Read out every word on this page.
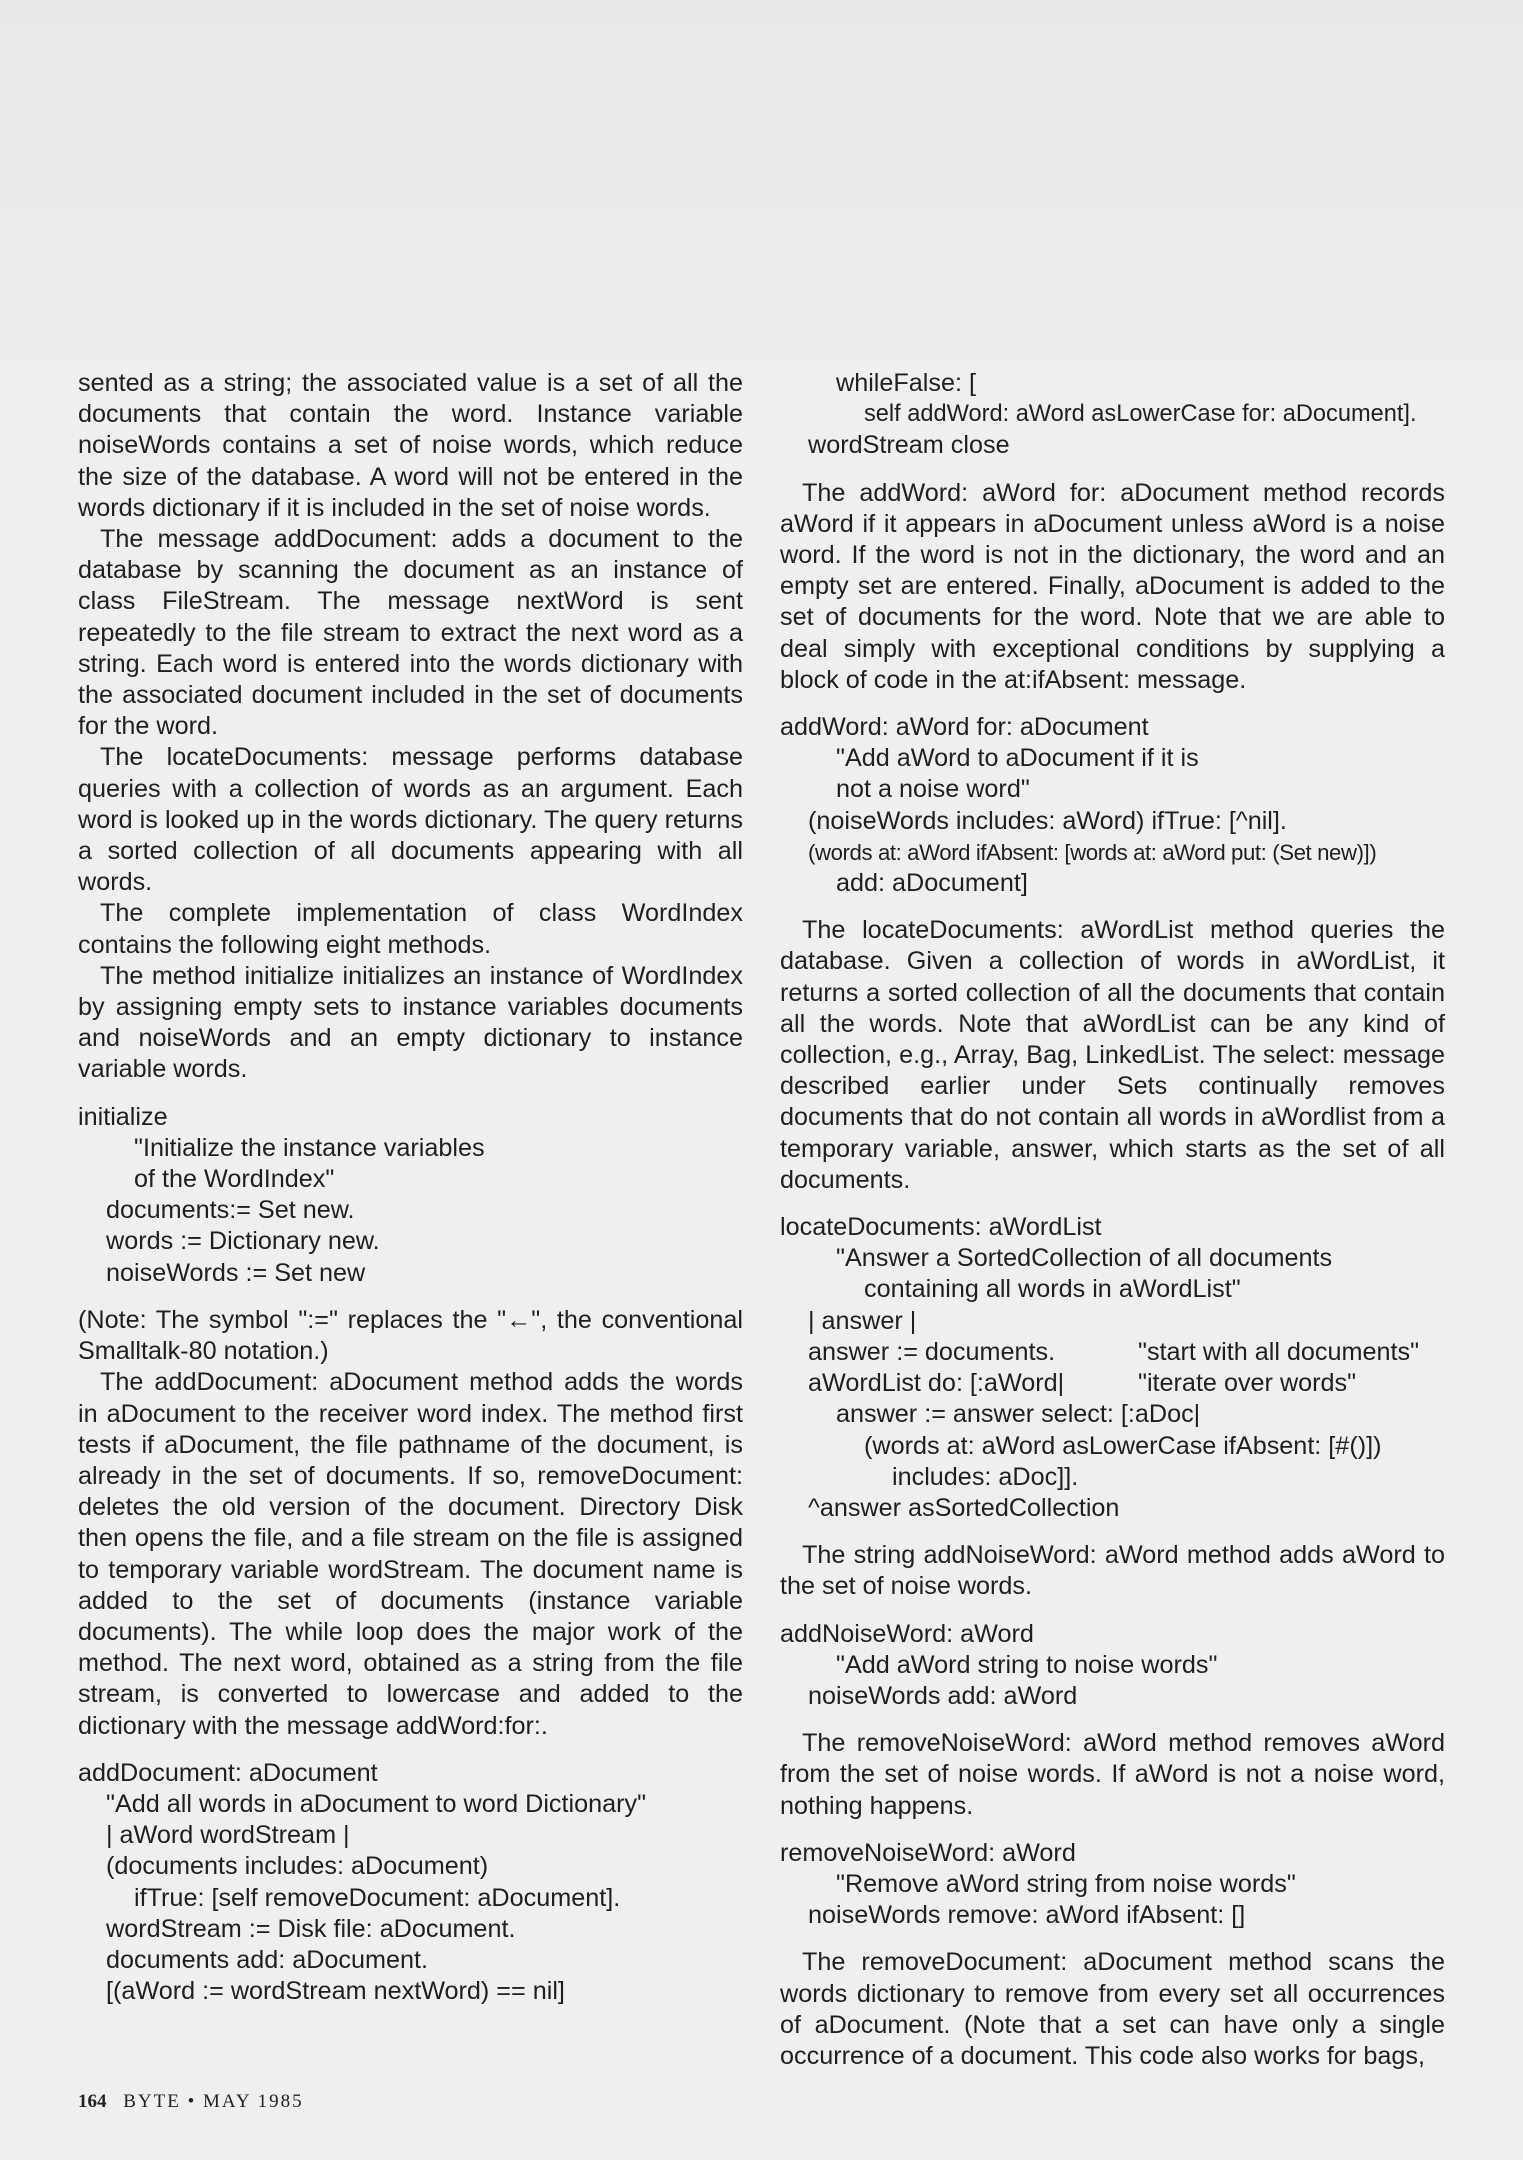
sented as a string; the associated value is a set of all the documents that contain the word. Instance variable noiseWords contains a set of noise words, which reduce the size of the database. A word will not be entered in the words dictionary if it is included in the set of noise words.

The message addDocument: adds a document to the database by scanning the document as an instance of class FileStream. The message nextWord is sent repeatedly to the file stream to extract the next word as a string. Each word is entered into the words dictionary with the associated document included in the set of documents for the word.

The locateDocuments: message performs database queries with a collection of words as an argument. Each word is looked up in the words dictionary. The query returns a sorted collection of all documents appearing with all words.

The complete implementation of class WordIndex contains the following eight methods.

The method initialize initializes an instance of WordIndex by assigning empty sets to instance variables documents and noiseWords and an empty dictionary to instance variable words.

initialize
"Initialize the instance variables
of the WordIndex"
documents:= Set new.
words := Dictionary new.
noiseWords := Set new

(Note: The symbol ":=" replaces the "←", the conventional Smalltalk-80 notation.)

The addDocument: aDocument method adds the words in aDocument to the receiver word index. The method first tests if aDocument, the file pathname of the document, is already in the set of documents. If so, removeDocument: deletes the old version of the document. Directory Disk then opens the file, and a file stream on the file is assigned to temporary variable wordStream. The document name is added to the set of documents (instance variable documents). The while loop does the major work of the method. The next word, obtained as a string from the file stream, is converted to lowercase and added to the dictionary with the message addWord:for:.

addDocument: aDocument
"Add all words in aDocument to word Dictionary"
| aWord wordStream |
(documents includes: aDocument)
ifTrue: [self removeDocument: aDocument].
wordStream := Disk file: aDocument.
documents add: aDocument.
[(aWord := wordStream nextWord) == nil]
whileFalse: [
self addWord: aWord asLowerCase for: aDocument].
wordStream close

The addWord: aWord for: aDocument method records aWord if it appears in aDocument unless aWord is a noise word. If the word is not in the dictionary, the word and an empty set are entered. Finally, aDocument is added to the set of documents for the word. Note that we are able to deal simply with exceptional conditions by supplying a block of code in the at:ifAbsent: message.

addWord: aWord for: aDocument
"Add aWord to aDocument if it is
not a noise word"
(noiseWords includes: aWord) ifTrue: [^nil].
(words at: aWord ifAbsent: [words at: aWord put: (Set new)])
add: aDocument]

The locateDocuments: aWordList method queries the database. Given a collection of words in aWordList, it returns a sorted collection of all the documents that contain all the words. Note that aWordList can be any kind of collection, e.g., Array, Bag, LinkedList. The select: message described earlier under Sets continually removes documents that do not contain all words in aWordlist from a temporary variable, answer, which starts as the set of all documents.

locateDocuments: aWordList
"Answer a SortedCollection of all documents
containing all words in aWordList"
| answer |
answer := documents.	"start with all documents"
aWordList do: [:aWord|	"iterate over words"
answer := answer select: [:aDoc|
(words at: aWord asLowerCase ifAbsent: [#()])
includes: aDoc]].
^answer asSortedCollection

The string addNoiseWord: aWord method adds aWord to the set of noise words.

addNoiseWord: aWord
"Add aWord string to noise words"
noiseWords add: aWord

The removeNoiseWord: aWord method removes aWord from the set of noise words. If aWord is not a noise word, nothing happens.

removeNoiseWord: aWord
"Remove aWord string from noise words"
noiseWords remove: aWord ifAbsent: []

The removeDocument: aDocument method scans the words dictionary to remove from every set all occurrences of aDocument. (Note that a set can have only a single occurrence of a document. This code also works for bags,

164 BYTE • MAY 1985
